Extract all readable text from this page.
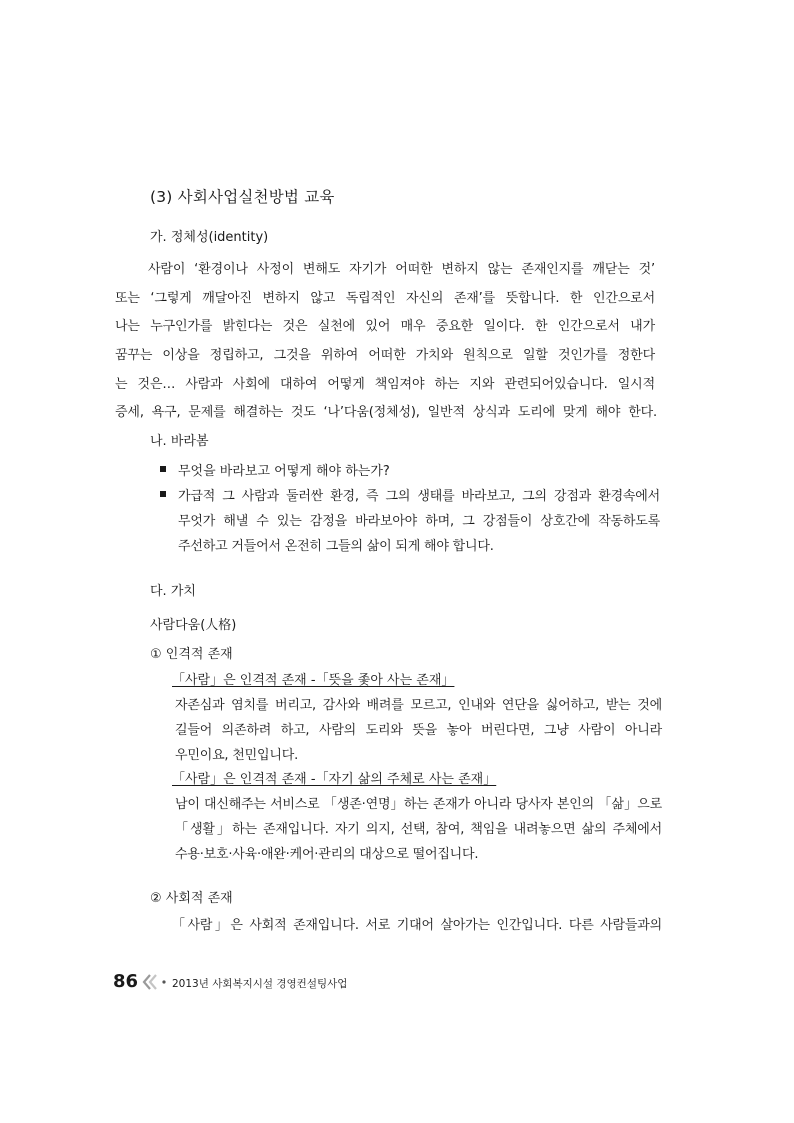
(3) 사회사업실천방법 교육
가. 정체성(identity)
사람이 ‘환경이나 사정이 변해도 자기가 어떠한 변하지 않는 존재인지를 깨닫는 것’
또는 ‘그렇게 깨달아진 변하지 않고 독립적인 자신의 존재’를 뜻합니다. 한 인간으로서
나는 누구인가를 밝힌다는 것은 실천에 있어 매우 중요한 일이다. 한 인간으로서 내가
꿈꾸는 이상을 정립하고, 그것을 위하여 어떠한 가치와 원칙으로 일할 것인가를 정한다
는 것은… 사람과 사회에 대하여 어떻게 책임져야 하는 지와 관련되어있습니다. 일시적
증세, 욕구, 문제를 해결하는 것도 ‘나’다움(정체성), 일반적 상식과 도리에 맞게 해야 한다.
나. 바라봄
무엇을 바라보고 어떻게 해야 하는가?
가급적 그 사람과 둘러싼 환경, 즉 그의 생태를 바라보고, 그의 강점과 환경속에서
무엇가 해낼 수 있는 감정을 바라보아야 하며, 그 강점들이 상호간에 작동하도록
주선하고 거들어서 온전히 그들의 삶이 되게 해야 합니다.
다. 가치
사람다움(人格)
① 인격적 존재
「사람」은 인격적 존재 -「뜻을 좇아 사는 존재」
자존심과 염치를 버리고, 감사와 배려를 모르고, 인내와 연단을 싫어하고, 받는 것에
길들어 의존하려 하고, 사람의 도리와 뜻을 놓아 버린다면, 그냥 사람이 아니라
우민이요, 천민입니다.
「사람」은 인격적 존재 -「자기 삶의 주체로 사는 존재」
남이 대신해주는 서비스로 「생존·연명」하는 존재가 아니라 당사자 본인의 「삶」으로
「생활」하는 존재입니다. 자기 의지, 선택, 참여, 책임을 내려놓으면 삶의 주체에서
수용·보호·사육·애완·케어·관리의 대상으로 떨어집니다.
② 사회적 존재
「사람」은 사회적 존재입니다. 서로 기대어 살아가는 인간입니다. 다른 사람들과의
86	2013년 사회복지시설 경영컨설팅사업
